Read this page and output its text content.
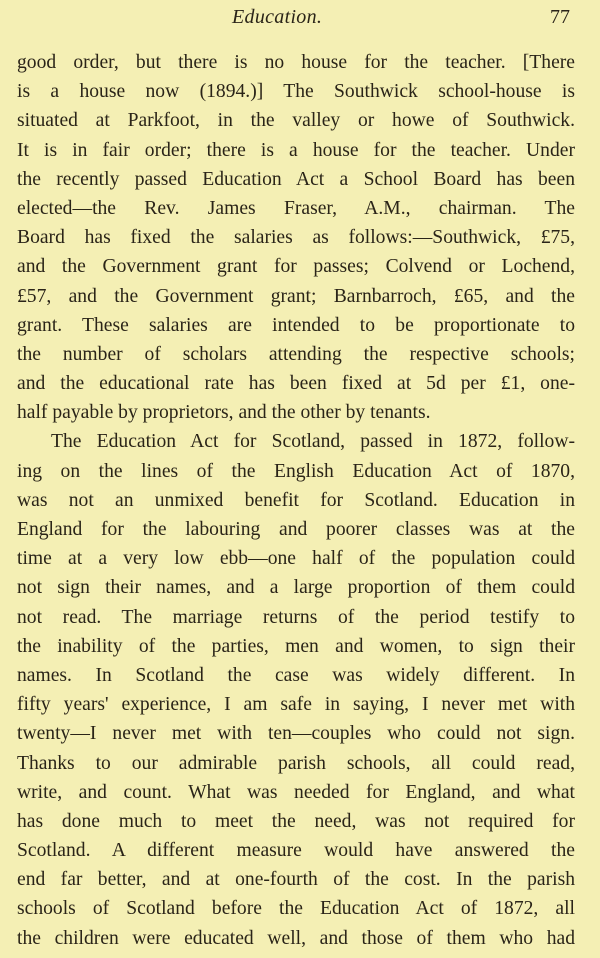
Education.	77
good order, but there is no house for the teacher. [There
is a house now (1894.)] The Southwick school-house is
situated at Parkfoot, in the valley or howe of Southwick.
It is in fair order; there is a house for the teacher. Under
the recently passed Education Act a School Board has been
elected—the Rev. James Fraser, A.M., chairman. The
Board has fixed the salaries as follows:—Southwick, £75,
and the Government grant for passes; Colvend or Lochend,
£57, and the Government grant; Barnbarroch, £65, and the
grant. These salaries are intended to be proportionate to
the number of scholars attending the respective schools;
and the educational rate has been fixed at 5d per £1, one-
half payable by proprietors, and the other by tenants.
The Education Act for Scotland, passed in 1872, follow-
ing on the lines of the English Education Act of 1870,
was not an unmixed benefit for Scotland. Education in
England for the labouring and poorer classes was at the
time at a very low ebb—one half of the population could
not sign their names, and a large proportion of them could
not read. The marriage returns of the period testify to
the inability of the parties, men and women, to sign their
names. In Scotland the case was widely different. In
fifty years' experience, I am safe in saying, I never met with
twenty—I never met with ten—couples who could not sign.
Thanks to our admirable parish schools, all could read,
write, and count. What was needed for England, and what
has done much to meet the need, was not required for
Scotland. A different measure would have answered the
end far better, and at one-fourth of the cost. In the parish
schools of Scotland before the Education Act of 1872, all
the children were educated well, and those of them who had
